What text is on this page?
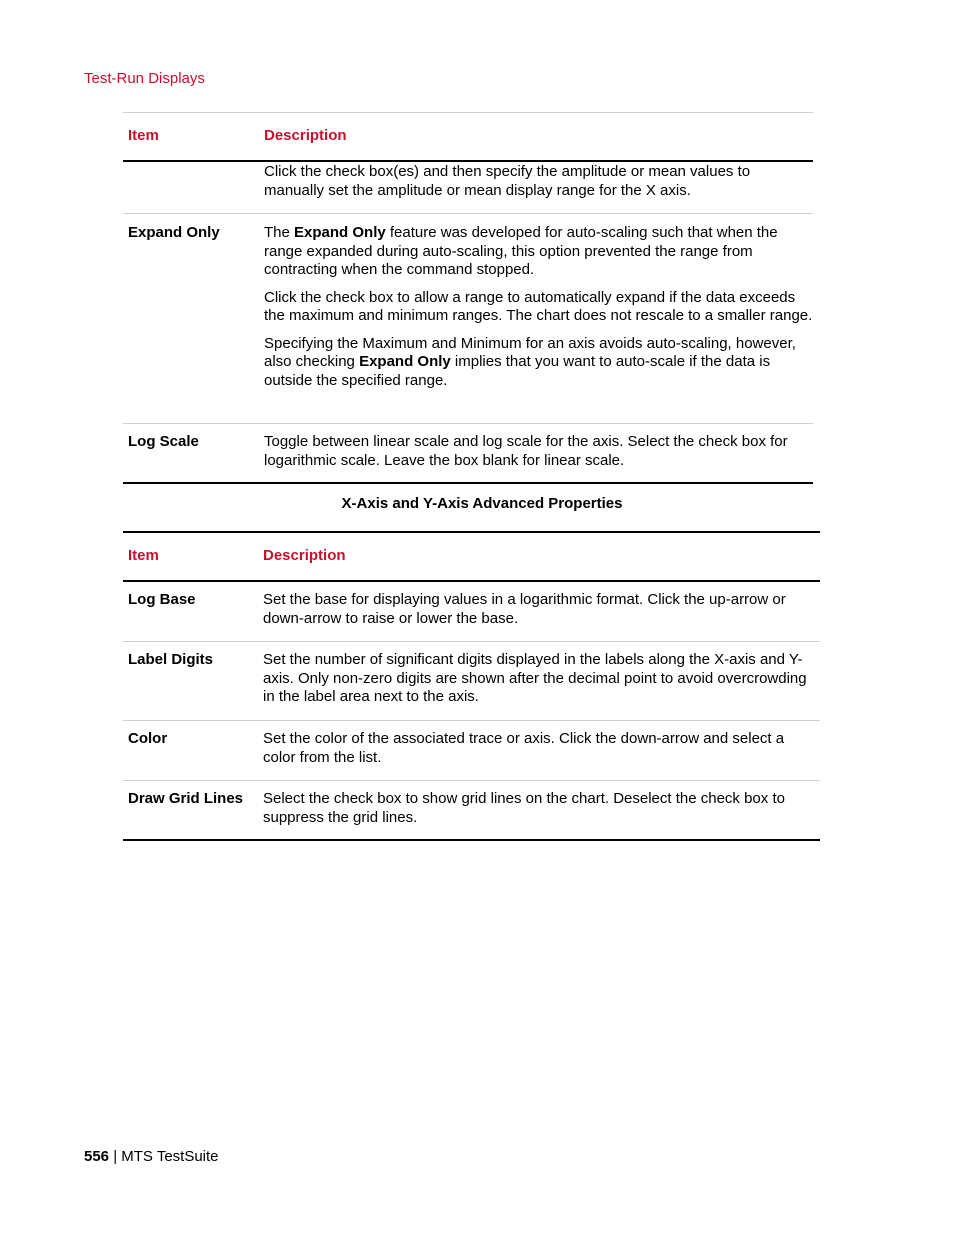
Test-Run Displays
Item	Description
Click the check box(es) and then specify the amplitude or mean values to manually set the amplitude or mean display range for the X axis.
Expand Only	The Expand Only feature was developed for auto-scaling such that when the range expanded during auto-scaling, this option prevented the range from contracting when the command stopped.

Click the check box to allow a range to automatically expand if the data exceeds the maximum and minimum ranges. The chart does not rescale to a smaller range.

Specifying the Maximum and Minimum for an axis avoids auto-scaling, however, also checking Expand Only implies that you want to auto-scale if the data is outside the specified range.

Log Scale	Toggle between linear scale and log scale for the axis. Select the check box for logarithmic scale. Leave the box blank for linear scale.
X-Axis and Y-Axis Advanced Properties
Item	Description
Log Base	Set the base for displaying values in a logarithmic format. Click the up-arrow or down-arrow to raise or lower the base.
Label Digits	Set the number of significant digits displayed in the labels along the X-axis and Y-axis. Only non-zero digits are shown after the decimal point to avoid overcrowding in the label area next to the axis.
Color	Set the color of the associated trace or axis. Click the down-arrow and select a color from the list.
Draw Grid Lines	Select the check box to show grid lines on the chart. Deselect the check box to suppress the grid lines.
556 | MTS TestSuite
